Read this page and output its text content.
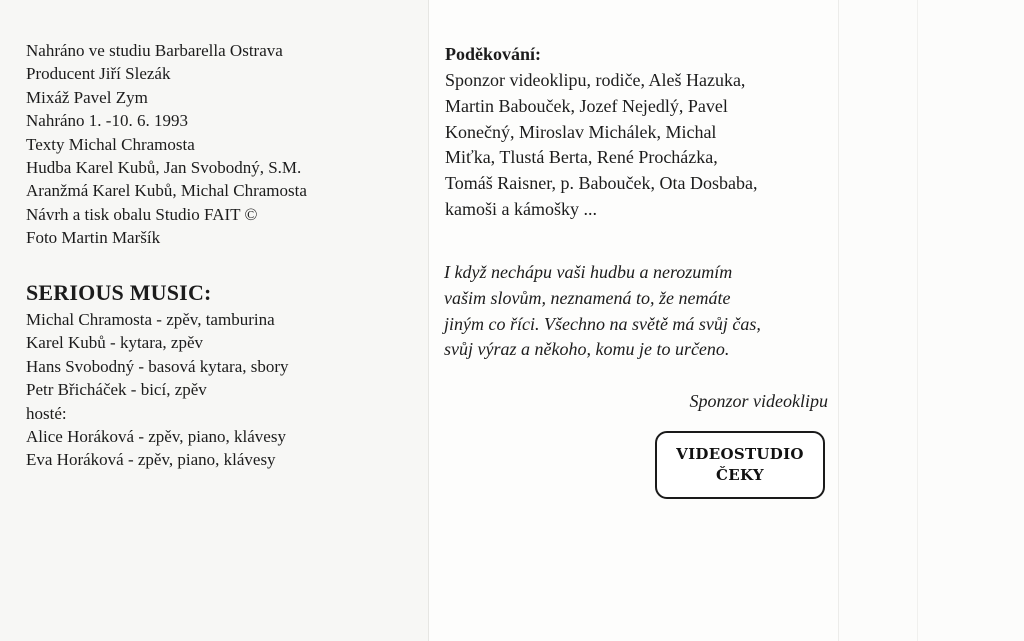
Nahráno ve studiu Barbarella Ostrava
Producent Jiří Slezák
Mixáž Pavel Zym
Nahráno 1. -10. 6. 1993
Texty Michal Chramosta
Hudba Karel Kubů, Jan Svobodný, S.M.
Aranžmá Karel Kubů, Michal Chramosta
Návrh a tisk obalu Studio FAIT ©
Foto Martin Maršík
SERIOUS MUSIC:
Michal Chramosta - zpěv, tamburina
Karel Kubů - kytara, zpěv
Hans Svobodný - basová kytara, sbory
Petr Břicháček - bicí, zpěv
hosté:
Alice Horáková - zpěv, piano, klávesy
Eva Horáková - zpěv, piano, klávesy
Poděkování:

Sponzor videoklipu, rodiče, Aleš Hazuka,
Martin Babouček, Jozef Nejedlý, Pavel
Konečný, Miroslav Michálek, Michal
Miťka, Tlustá Berta, René Procházka,
Tomáš Raisner, p. Babouček, Ota Dosbaba,
kamoši a kámošky ...

I když nechápu vaši hudbu a nerozumím
vašim slovům, neznamená to, že nemáte
jiným co říci. Všechno na světě má svůj čas,
svůj výraz a někoho, komu je to určeno.

Sponzor videoklipu

VIDEOSTUDIO
ČEKY
